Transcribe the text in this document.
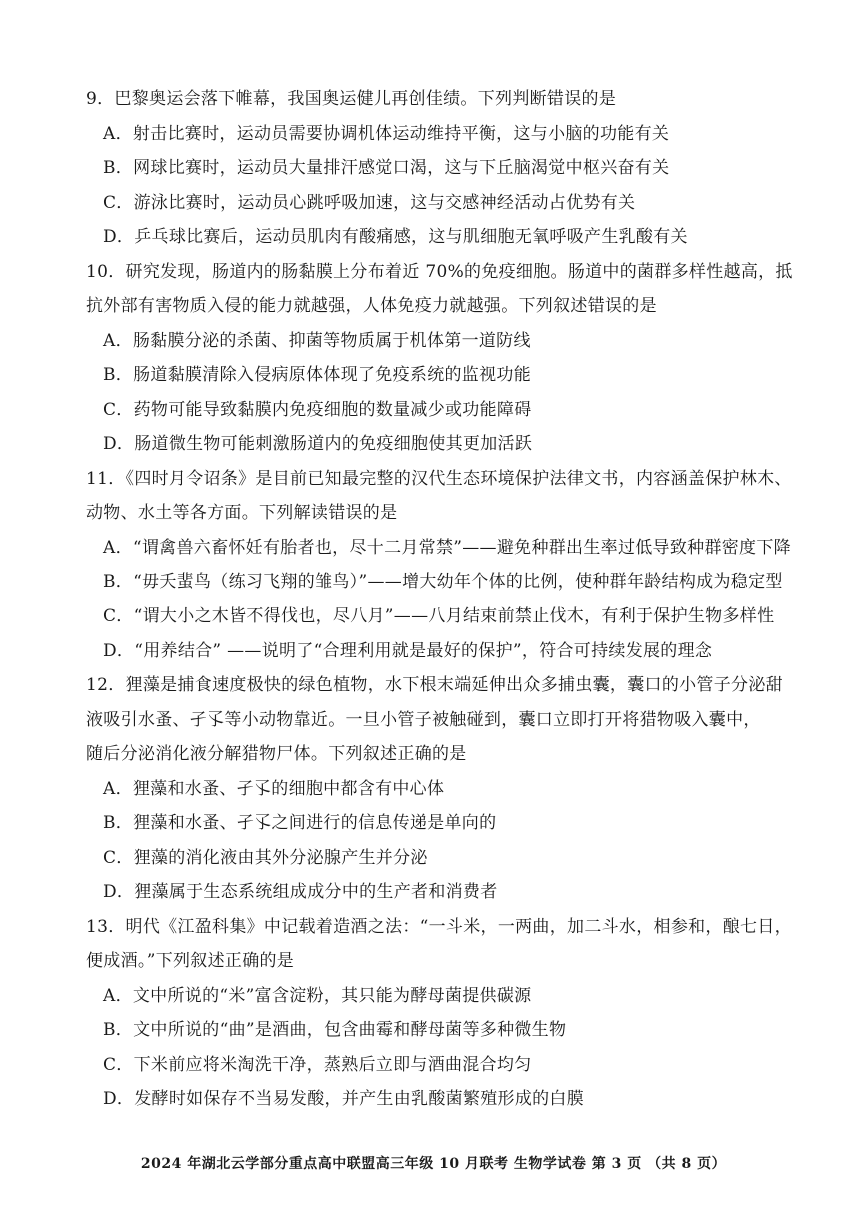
9．巴黎奥运会落下帷幕，我国奥运健儿再创佳绩。下列判断错误的是
A．射击比赛时，运动员需要协调机体运动维持平衡，这与小脑的功能有关
B．网球比赛时，运动员大量排汗感觉口渴，这与下丘脑渴觉中枢兴奋有关
C．游泳比赛时，运动员心跳呼吸加速，这与交感神经活动占优势有关
D．乒乓球比赛后，运动员肌肉有酸痛感，这与肌细胞无氧呼吸产生乳酸有关
10．研究发现，肠道内的肠黏膜上分布着近 70%的免疫细胞。肠道中的菌群多样性越高，抵
抗外部有害物质入侵的能力就越强，人体免疫力就越强。下列叙述错误的是
A．肠黏膜分泌的杀菌、抑菌等物质属于机体第一道防线
B．肠道黏膜清除入侵病原体体现了免疫系统的监视功能
C．药物可能导致黏膜内免疫细胞的数量减少或功能障碍
D．肠道微生物可能刺激肠道内的免疫细胞使其更加活跃
11．《四时月令诏条》是目前已知最完整的汉代生态环境保护法律文书，内容涵盖保护林木、
动物、水土等各方面。下列解读错误的是
A．“谓禽兽六畜怀妊有胎者也，尽十二月常禁”——避免种群出生率过低导致种群密度下降
B．“毋夭蜚鸟（练习飞翔的雏鸟）”——增大幼年个体的比例，使种群年龄结构成为稳定型
C．“谓大小之木皆不得伐也，尽八月”——八月结束前禁止伐木，有利于保护生物多样性
D．“用养结合” ——说明了“合理利用就是最好的保护”，符合可持续发展的理念
12．狸藻是捕食速度极快的绿色植物，水下根末端延伸出众多捕虫囊，囊口的小管子分泌甜
液吸引水蚤、孑孓等小动物靠近。一旦小管子被触碰到，囊口立即打开将猎物吸入囊中，
随后分泌消化液分解猎物尸体。下列叙述正确的是
A．狸藻和水蚤、孑孓的细胞中都含有中心体
B．狸藻和水蚤、孑孓之间进行的信息传递是单向的
C．狸藻的消化液由其外分泌腺产生并分泌
D．狸藻属于生态系统组成成分中的生产者和消费者
13．明代《江盈科集》中记载着造酒之法：“一斗米，一两曲，加二斗水，相参和，酿七日，
便成酒。”下列叙述正确的是
A．文中所说的“米”富含淀粉，其只能为酵母菌提供碳源
B．文中所说的“曲”是酒曲，包含曲霉和酵母菌等多种微生物
C．下米前应将米淘洗干净，蒸熟后立即与酒曲混合均匀
D．发酵时如保存不当易发酸，并产生由乳酸菌繁殖形成的白膜
2024 年湖北云学部分重点高中联盟高三年级 10 月联考 生物学试卷 第 3 页 （共 8 页）
